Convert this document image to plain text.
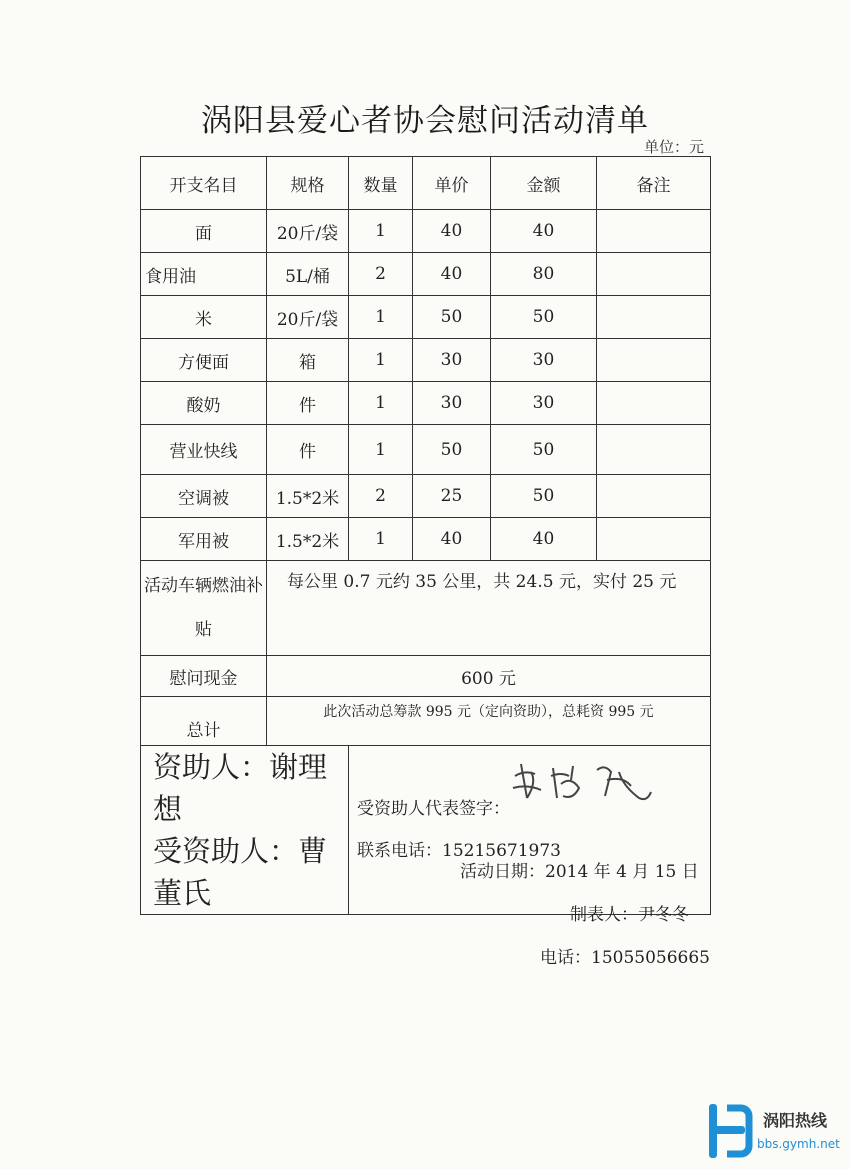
涡阳县爱心者协会慰问活动清单
单位：元
开支名目	规格	数量	单价	金额	备注
面	20斤/袋	1	40	40	
食用油	5L/桶	2	40	80	
米	20斤/袋	1	50	50	
方便面	箱	1	30	30	
酸奶	件	1	30	30	
营业快线	件	1	50	50	
空调被	1.5*2米	2	25	50	
军用被	1.5*2米	1	40	40	
活动车辆燃油补贴	每公里 0.7 元约 35 公里，共 24.5 元，实付 25 元				
慰问现金	600 元				
总计	此次活动总筹款 995 元（定向资助），总耗资 995 元				

资助人：谢理想
受资助人：曹董氏		受资助人代表签字：
联系电话：15215671973			
活动日期：2014 年 4 月 15 日
制表人：尹冬冬
电话：15055056665
涡阳热线
bbs.gymh.net
